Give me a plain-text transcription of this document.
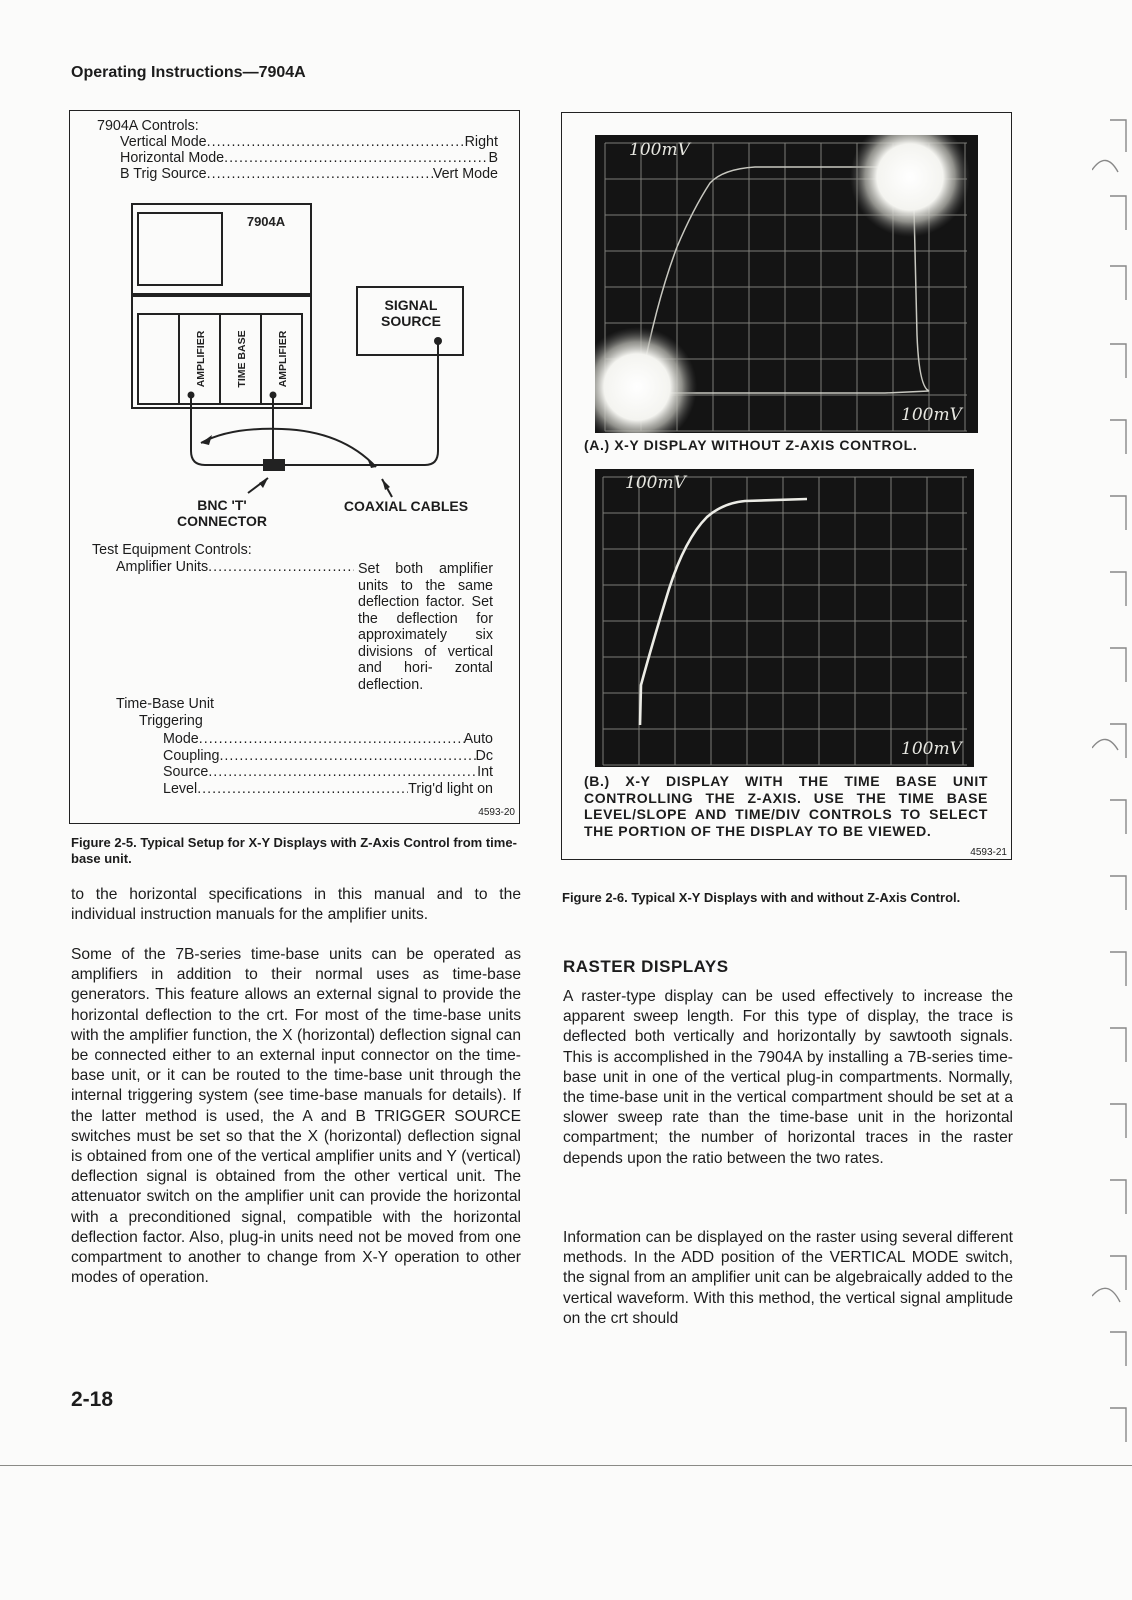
Operating Instructions—7904A
7904A Controls:
Vertical Mode .....	Right
Horizontal Mode .....	B
B Trig Source .....	Vert Mode
7904A
AMPLIFIER	TIME BASE	AMPLIFIER
SIGNAL SOURCE
BNC 'T' CONNECTOR
COAXIAL CABLES
Test Equipment Controls:
Amplifier Units .....	Set both amplifier units to the same deflection factor. Set the deflection for approximately six divisions of vertical and hori- zontal deflection.
Time-Base Unit
Triggering
Mode .....	Auto
Coupling .....	Dc
Source .....	Int
Level .....	Trig'd light on
4593-20
Figure 2-5. Typical Setup for X-Y Displays with Z-Axis Control from time-base unit.
100mV
100mV
(A.) X-Y DISPLAY WITHOUT Z-AXIS CONTROL.
100mV
100mV
(B.) X-Y DISPLAY WITH THE TIME BASE UNIT CONTROLLING THE Z-AXIS. USE THE TIME BASE LEVEL/SLOPE AND TIME/DIV CONTROLS TO SELECT THE PORTION OF THE DISPLAY TO BE VIEWED.
4593-21
Figure 2-6. Typical X-Y Displays with and without Z-Axis Control.
to the horizontal specifications in this manual and to the individual instruction manuals for the amplifier units.
Some of the 7B-series time-base units can be operated as amplifiers in addition to their normal uses as time-base generators. This feature allows an external signal to provide the horizontal deflection to the crt. For most of the time-base units with the amplifier function, the X (horizontal) deflection signal can be connected either to an external input connector on the time-base unit, or it can be routed to the time-base unit through the internal triggering system (see time-base manuals for details). If the latter method is used, the A and B TRIGGER SOURCE switches must be set so that the X (horizontal) deflection signal is obtained from one of the vertical amplifier units and Y (vertical) deflection signal is obtained from the other vertical unit. The attenuator switch on the amplifier unit can provide the horizontal with a preconditioned signal, compatible with the horizontal deflection factor. Also, plug-in units need not be moved from one compartment to another to change from X-Y operation to other modes of operation.
RASTER DISPLAYS
A raster-type display can be used effectively to increase the apparent sweep length. For this type of display, the trace is deflected both vertically and horizontally by sawtooth signals. This is accomplished in the 7904A by installing a 7B-series time-base unit in one of the vertical plug-in compartments. Normally, the time-base unit in the vertical compartment should be set at a slower sweep rate than the time-base unit in the horizontal compartment; the number of horizontal traces in the raster depends upon the ratio between the two rates.
Information can be displayed on the raster using several different methods. In the ADD position of the VERTICAL MODE switch, the signal from an amplifier unit can be algebraically added to the vertical waveform. With this method, the vertical signal amplitude on the crt should
2-18
